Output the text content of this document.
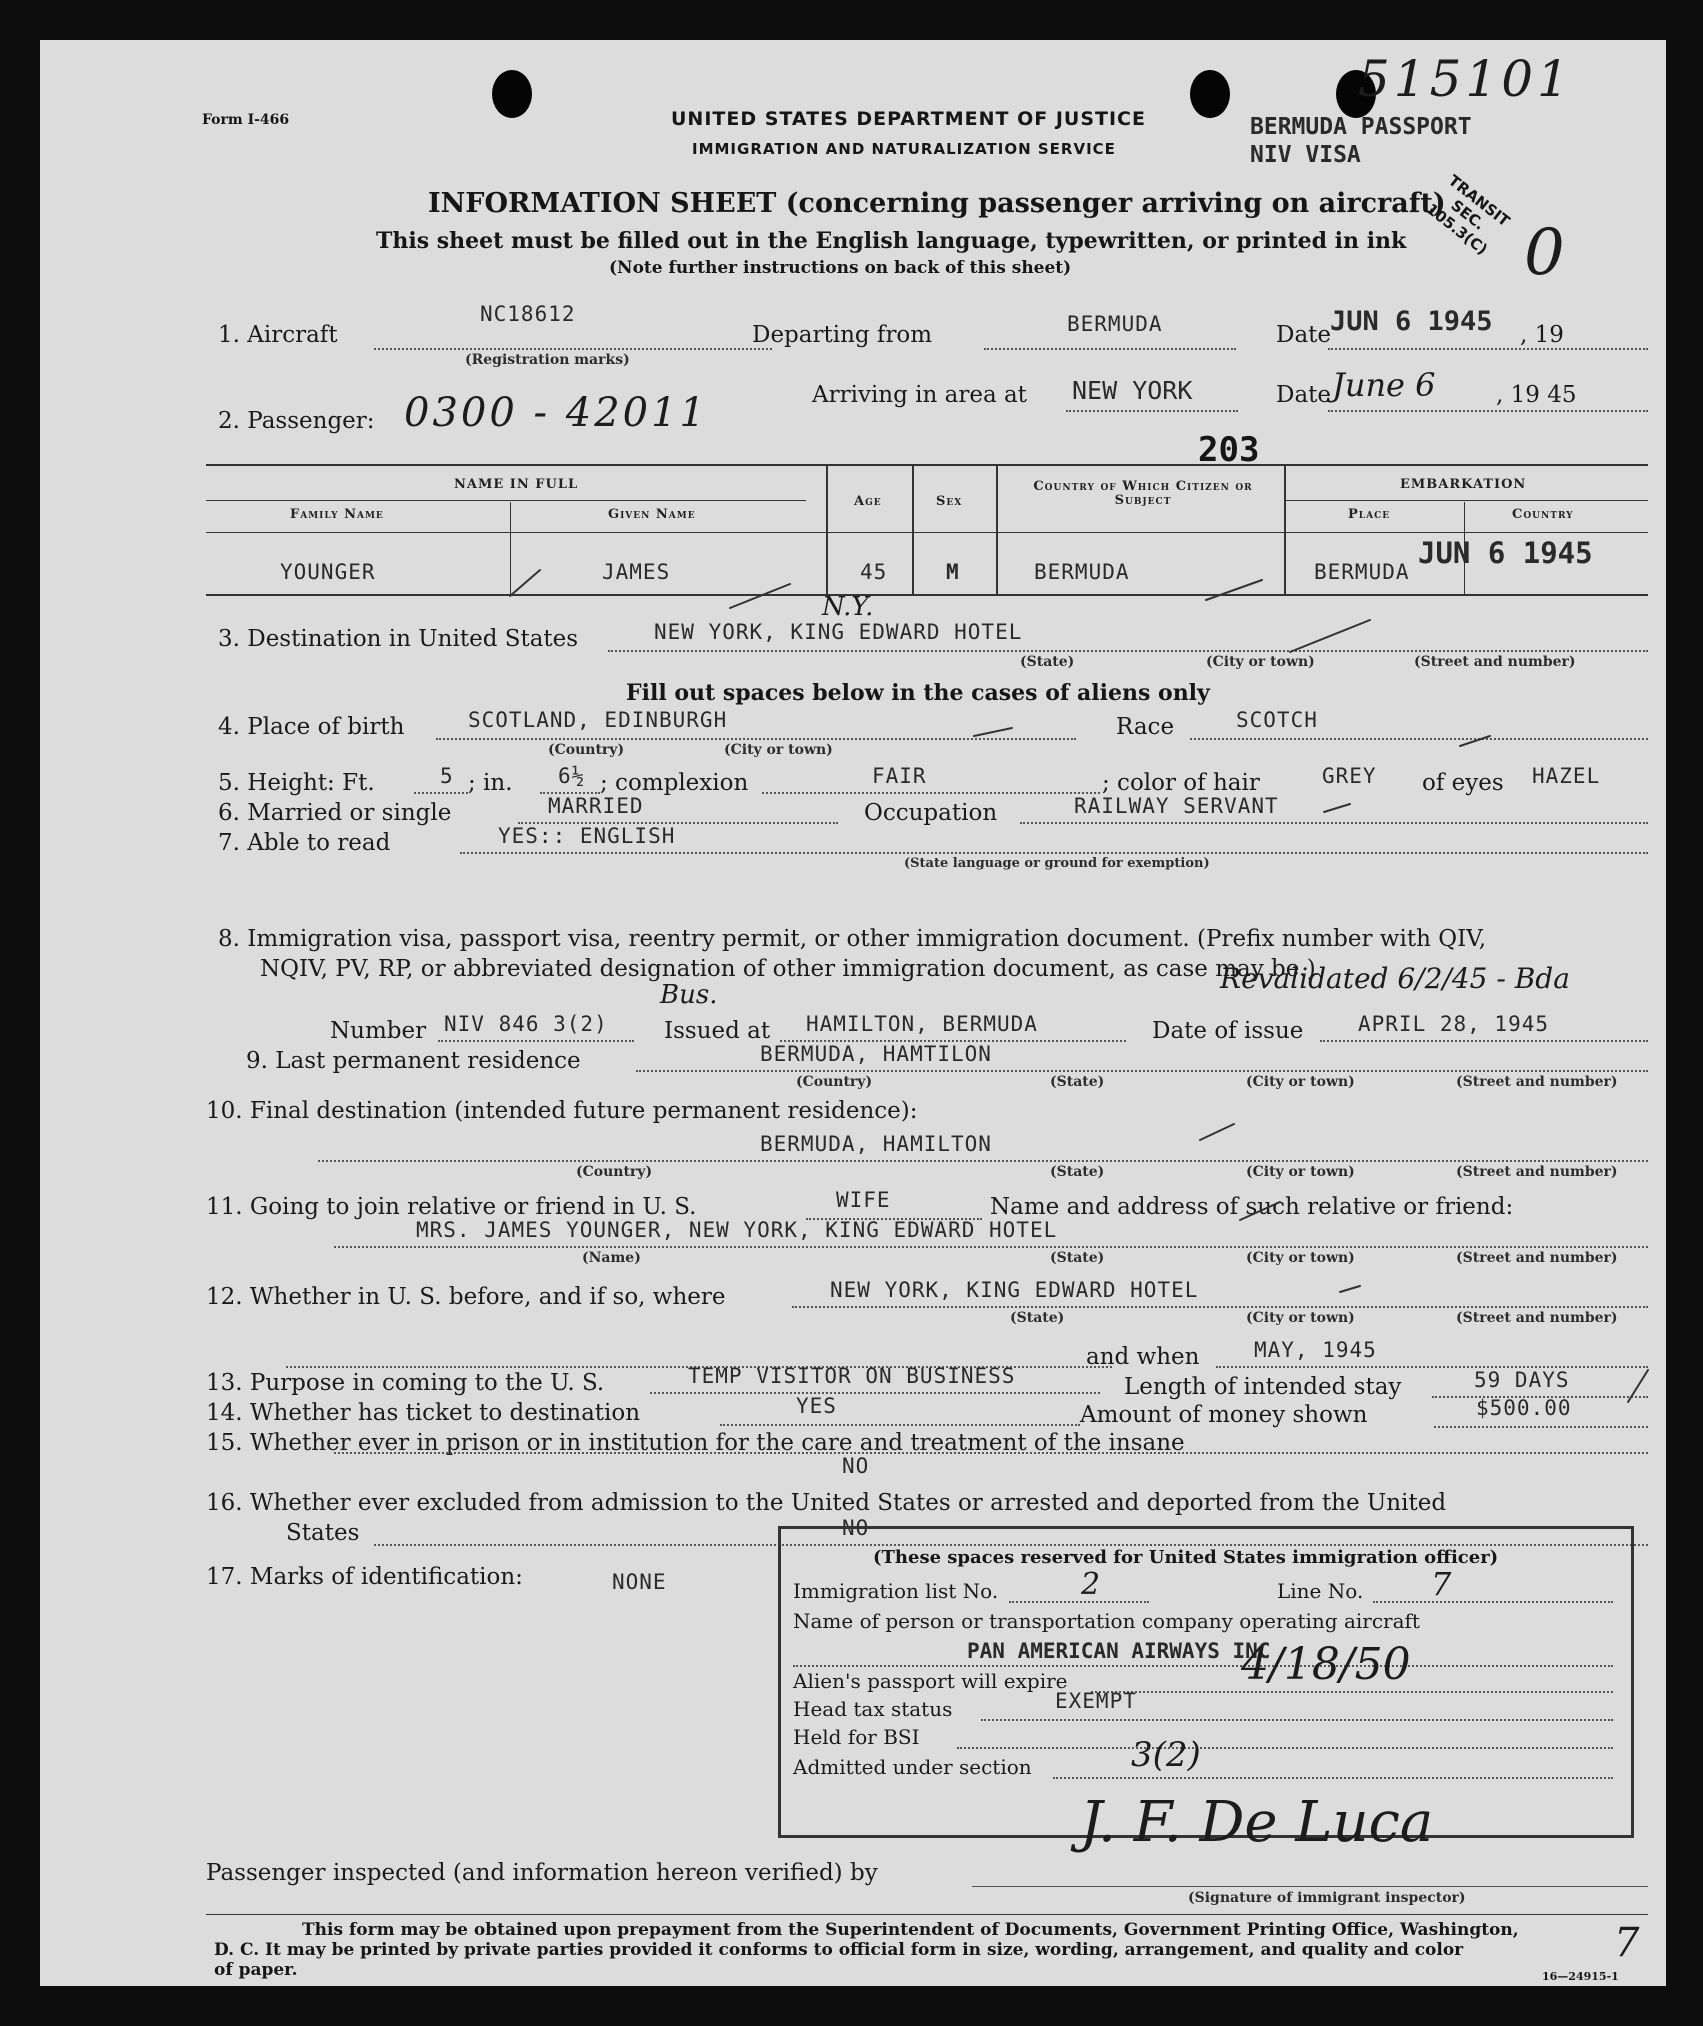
Form I-466	UNITED STATES DEPARTMENT OF JUSTICE
IMMIGRATION AND NATURALIZATION SERVICE
BERMUDA PASSPORT
NIV VISA
515101
TRANSIT SEC. 105.3(C) 0
INFORMATION SHEET (concerning passenger arriving on aircraft)
This sheet must be filled out in the English language, typewritten, or printed in ink
(Note further instructions on back of this sheet)
1. Aircraft
NC18612
(Registration marks)
Departing from	BERMUDA	Date
JUN 6 1945 , 19
Arriving in area at NEW YORK	Date June 6	, 19 45
2. Passenger: 0300 - 42011
203
NAME IN FULL
Family Name	Given Name
Age	Sex
Country of Which Citizen or Subject
EMBARKATION
Place	Country
YOUNGER	JAMES	45	M	BERMUDA	BERMUDA
JUN 6 1945
3. Destination in United States
N.Y.
NEW YORK, KING EDWARD HOTEL
(State)	(City or town)	(Street and number)
Fill out spaces below in the cases of aliens only
4. Place of birth	SCOTLAND, EDINBURGH
(Country)	(City or town)
Race	SCOTCH
5. Height: Ft.	5 ; in. 6½ ; complexion	FAIR	; color of hair	GREY of eyes HAZEL
6. Married or single	MARRIED	Occupation	RAILWAY SERVANT
7. Able to read	YES:: ENGLISH
(State language or ground for exemption)
8. Immigration visa, passport visa, reentry permit, or other immigration document. (Prefix number with QIV,
NQIV, PV, RP, or abbreviated designation of other immigration document, as case may be.)
Bus.	Revalidated 6/2/45 - Bda
Number NIV 846 3(2) Issued at HAMILTON, BERMUDA	Date of issue	APRIL 28, 1945
9. Last permanent residence	BERMUDA, HAMTILON
(Country)	(State)	(City or town)	(Street and number)
10. Final destination (intended future permanent residence):
BERMUDA, HAMILTON
(Country)	(State)	(City or town)	(Street and number)
11. Going to join relative or friend in U. S.	WIFE	Name and address of such relative or friend:
MRS. JAMES YOUNGER, NEW YORK, KING EDWARD HOTEL
(Name)	(State)	(City or town)	(Street and number)
12. Whether in U. S. before, and if so, where	NEW YORK, KING EDWARD HOTEL
(State)	(City or town)	(Street and number)
and when	MAY, 1945
13. Purpose in coming to the U. S.	TEMP VISITOR ON BUSINESS	Length of intended stay	59 DAYS
14. Whether has ticket to destination	YES	Amount of money shown	$500.00
15. Whether ever in prison or in institution for the care and treatment of the insane
NO
16. Whether ever excluded from admission to the United States or arrested and deported from the United
States	NO
17. Marks of identification:	NONE
(These spaces reserved for United States immigration officer)
Immigration list No.	2	Line No. 7
Name of person or transportation company operating aircraft
PAN AMERICAN AIRWAYS INC
Alien's passport will expire	4/18/50
Head tax status	EXEMPT
Held for BSI
Admitted under section	3(2)
Passenger inspected (and information hereon verified) by
J. F. De Luca
(Signature of immigrant inspector)
This form may be obtained upon prepayment from the Superintendent of Documents, Government Printing Office, Washington,
D. C. It may be printed by private parties provided it conforms to official form in size, wording, arrangement, and quality and color
of paper.	16—24915-1
7
